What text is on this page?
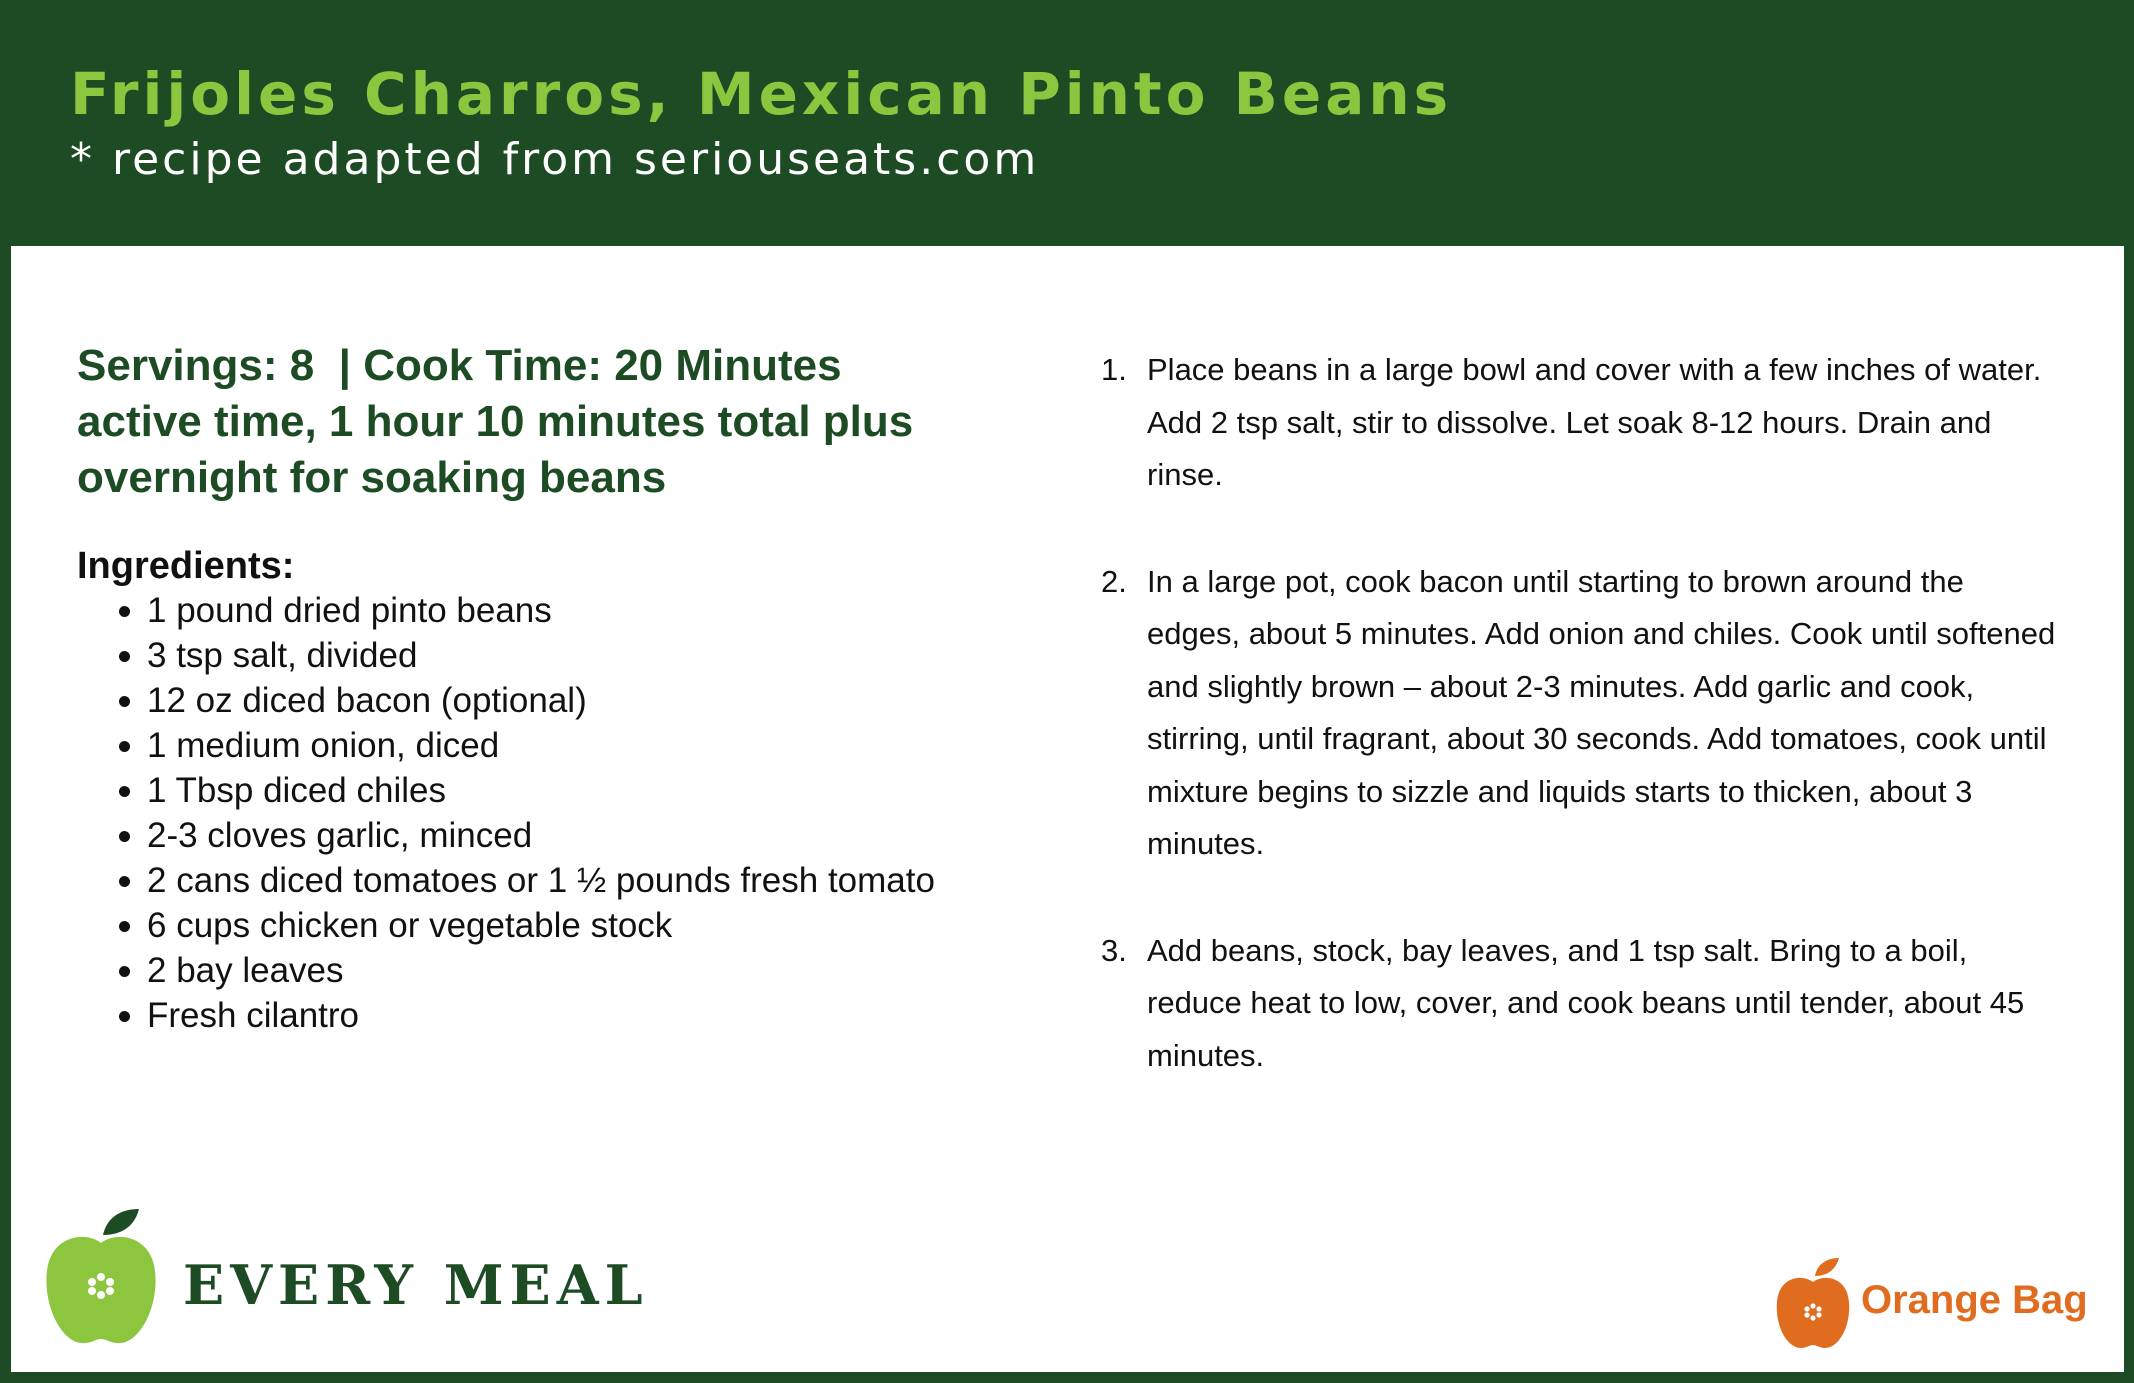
Frijoles Charros, Mexican Pinto Beans
* recipe adapted from seriouseats.com
Servings: 8  | Cook Time: 20 Minutes
active time, 1 hour 10 minutes total plus
overnight for soaking beans
Ingredients:
1 pound dried pinto beans
3 tsp salt, divided
12 oz diced bacon (optional)
1 medium onion, diced
1 Tbsp diced chiles
2-3 cloves garlic, minced
2 cans diced tomatoes or 1 ½ pounds fresh tomato
6 cups chicken or vegetable stock
2 bay leaves
Fresh cilantro
1. Place beans in a large bowl and cover with a few inches of water. Add 2 tsp salt, stir to dissolve. Let soak 8-12 hours. Drain and rinse.
2. In a large pot, cook bacon until starting to brown around the edges, about 5 minutes. Add onion and chiles. Cook until softened and slightly brown – about 2-3 minutes. Add garlic and cook, stirring, until fragrant, about 30 seconds. Add tomatoes, cook until mixture begins to sizzle and liquids starts to thicken, about 3 minutes.
3. Add beans, stock, bay leaves, and 1 tsp salt. Bring to a boil, reduce heat to low, cover, and cook beans until tender, about 45 minutes.
EVERY MEAL	Orange Bag
